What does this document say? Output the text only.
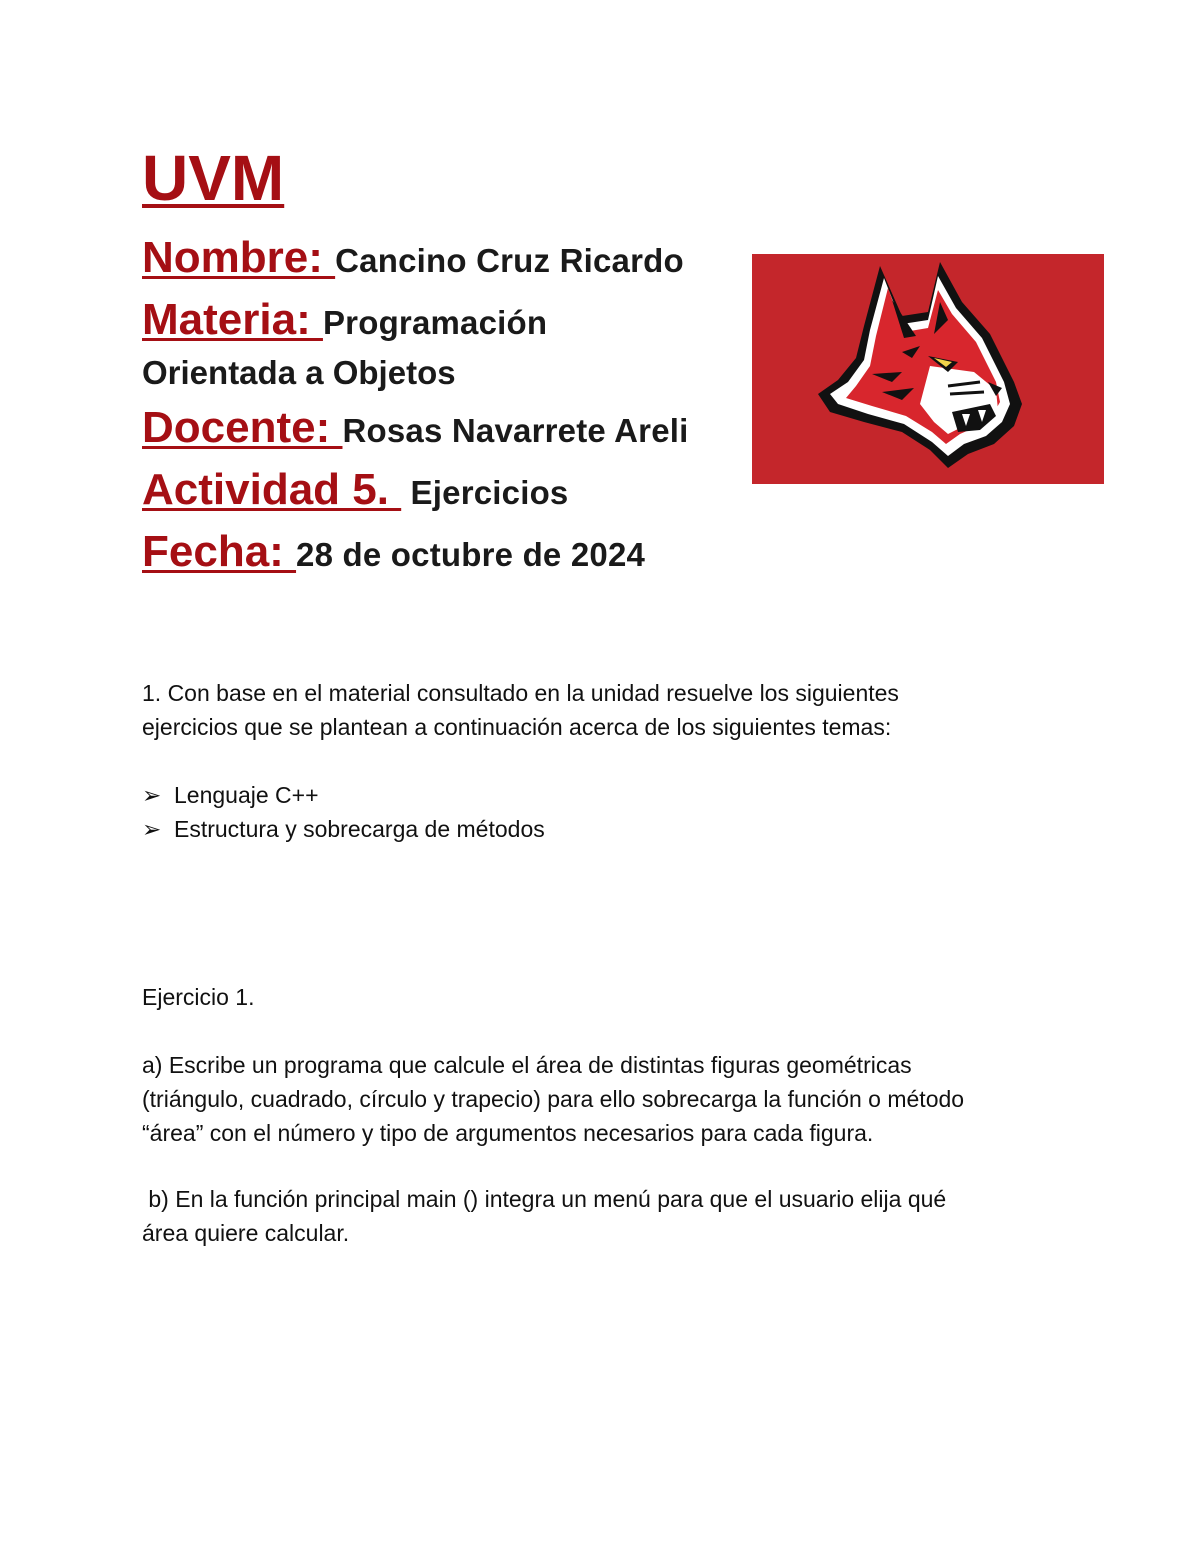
UVM
Nombre: Cancino Cruz Ricardo
Materia: Programación
Orientada a Objetos
Docente: Rosas Navarrete Areli
Actividad 5.  Ejercicios
Fecha: 28 de octubre de 2024
1. Con base en el material consultado en la unidad resuelve los siguientes
ejercicios que se plantean a continuación acerca de los siguientes temas:
➢ Lenguaje C++
➢ Estructura y sobrecarga de métodos
Ejercicio 1.
a) Escribe un programa que calcule el área de distintas figuras geométricas
(triángulo, cuadrado, círculo y trapecio) para ello sobrecarga la función o método
“área” con el número y tipo de argumentos necesarios para cada figura.
b) En la función principal main () integra un menú para que el usuario elija qué
área quiere calcular.
